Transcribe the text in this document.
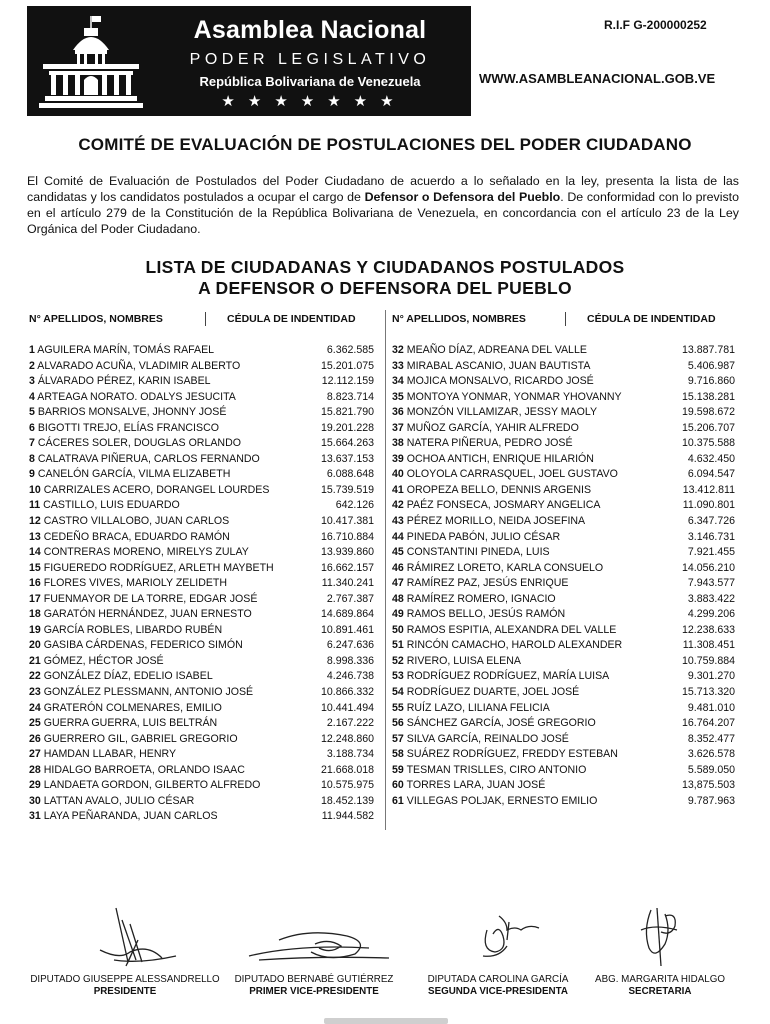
Asamblea Nacional
PODER LEGISLATIVO
República Bolivariana de Venezuela
★★★★★★★
R.I.F G-200000252
WWW.ASAMBLEANACIONAL.GOB.VE
COMITÉ DE EVALUACIÓN DE POSTULACIONES DEL PODER CIUDADANO
El Comité de Evaluación de Postulados del Poder Ciudadano de acuerdo a lo señalado en la ley, presenta la lista de las candidatas y los candidatos postulados a ocupar el cargo de Defensor o Defensora del Pueblo. De conformidad con lo previsto en el artículo 279 de la Constitución de la República Bolivariana de Venezuela, en concordancia con el artículo 23 de la Ley Orgánica del Poder Ciudadano.
LISTA DE CIUDADANAS Y CIUDADANOS POSTULADOS
A DEFENSOR O DEFENSORA DEL PUEBLO
N° APELLIDOS, NOMBRES	CÉDULA DE INDENTIDAD	N° APELLIDOS, NOMBRES	CÉDULA DE INDENTIDAD
1 AGUILERA MARÍN, TOMÁS RAFAEL	6.362.585
2 ALVARADO ACUÑA, VLADIMIR ALBERTO	15.201.075
3 ÁLVARADO PÉREZ, KARIN ISABEL	12.112.159
4 ARTEAGA NORATO. ODALYS JESUCITA	8.823.714
5 BARRIOS MONSALVE, JHONNY JOSÉ	15.821.790
6 BIGOTTI TREJO, ELÍAS FRANCISCO	19.201.228
7 CÁCERES SOLER, DOUGLAS ORLANDO	15.664.263
8 CALATRAVA PIÑERUA, CARLOS FERNANDO	13.637.153
9 CANELÓN GARCÍA, VILMA ELIZABETH	6.088.648
10 CARRIZALES ACERO, DORANGEL LOURDES	15.739.519
11 CASTILLO, LUIS EDUARDO	642.126
12 CASTRO VILLALOBO, JUAN CARLOS	10.417.381
13 CEDEÑO BRACA, EDUARDO RAMÓN	16.710.884
14 CONTRERAS MORENO, MIRELYS ZULAY	13.939.860
15 FIGUEREDO RODRÍGUEZ, ARLETH MAYBETH	16.662.157
16 FLORES VIVES, MARIOLY ZELIDETH	11.340.241
17 FUENMAYOR DE LA TORRE, EDGAR JOSÉ	2.767.387
18 GARATÓN HERNÁNDEZ, JUAN ERNESTO	14.689.864
19 GARCÍA ROBLES, LIBARDO RUBÉN	10.891.461
20 GASIBA CÁRDENAS, FEDERICO SIMÓN	6.247.636
21 GÓMEZ, HÉCTOR JOSÉ	8.998.336
22 GONZÁLEZ DÍAZ, EDELIO ISABEL	4.246.738
23 GONZÁLEZ PLESSMANN, ANTONIO JOSÉ	10.866.332
24 GRATERÓN COLMENARES, EMILIO	10.441.494
25 GUERRA GUERRA, LUIS BELTRÁN	2.167.222
26 GUERRERO GIL, GABRIEL GREGORIO	12.248.860
27 HAMDAN LLABAR, HENRY	3.188.734
28 HIDALGO BARROETA, ORLANDO ISAAC	21.668.018
29 LANDAETA GORDON, GILBERTO ALFREDO	10.575.975
30 LATTAN AVALO, JULIO CÉSAR	18.452.139
31 LAYA PEÑARANDA, JUAN CARLOS	11.944.582
32 MEAÑO DÍAZ, ADREANA DEL VALLE	13.887.781
33 MIRABAL ASCANIO, JUAN BAUTISTA	5.406.987
34 MOJICA MONSALVO, RICARDO JOSÉ	9.716.860
35 MONTOYA YONMAR, YONMAR YHOVANNY	15.138.281
36 MONZÓN VILLAMIZAR, JESSY MAOLY	19.598.672
37 MUÑOZ GARCÍA, YAHIR ALFREDO	15.206.707
38 NATERA PIÑERUA, PEDRO JOSÉ	10.375.588
39 OCHOA ANTICH, ENRIQUE HILARIÓN	4.632.450
40 OLOYOLA CARRASQUEL, JOEL GUSTAVO	6.094.547
41 OROPEZA BELLO, DENNIS ARGENIS	13.412.811
42 PAÉZ FONSECA, JOSMARY ANGELICA	11.090.801
43 PÉREZ MORILLO, NEIDA JOSEFINA	6.347.726
44 PINEDA PABÓN, JULIO CÉSAR	3.146.731
45 CONSTANTINI PINEDA, LUIS	7.921.455
46 RÁMIREZ LORETO, KARLA CONSUELO	14.056.210
47 RAMÍREZ PAZ, JESÚS ENRIQUE	7.943.577
48 RAMÍREZ ROMERO, IGNACIO	3.883.422
49 RAMOS BELLO, JESÚS RAMÓN	4.299.206
50 RAMOS ESPITIA, ALEXANDRA DEL VALLE	12.238.633
51 RINCÓN CAMACHO, HAROLD ALEXANDER	11.308.451
52 RIVERO, LUISA ELENA	10.759.884
53 RODRÍGUEZ RODRÍGUEZ, MARÍA LUISA	9.301.270
54 RODRÍGUEZ DUARTE, JOEL JOSÉ	15.713.320
55 RUÍZ LAZO, LILIANA FELICIA	9.481.010
56 SÁNCHEZ GARCÍA, JOSÉ GREGORIO	16.764.207
57 SILVA GARCÍA, REINALDO JOSÉ	8.352.477
58 SUÁREZ RODRÍGUEZ, FREDDY ESTEBAN	3.626.578
59 TESMAN TRISLLES, CIRO ANTONIO	5.589.050
60 TORRES LARA, JUAN JOSÉ	13,875.503
61 VILLEGAS POLJAK, ERNESTO EMILIO	9.787.963
DIPUTADO GIUSEPPE ALESSANDRELLO
PRESIDENTE
DIPUTADO BERNABÉ GUTIÉRREZ
PRIMER VICE-PRESIDENTE
DIPUTADA CAROLINA GARCÍA
SEGUNDA VICE-PRESIDENTA
ABG. MARGARITA HIDALGO
SECRETARIA
